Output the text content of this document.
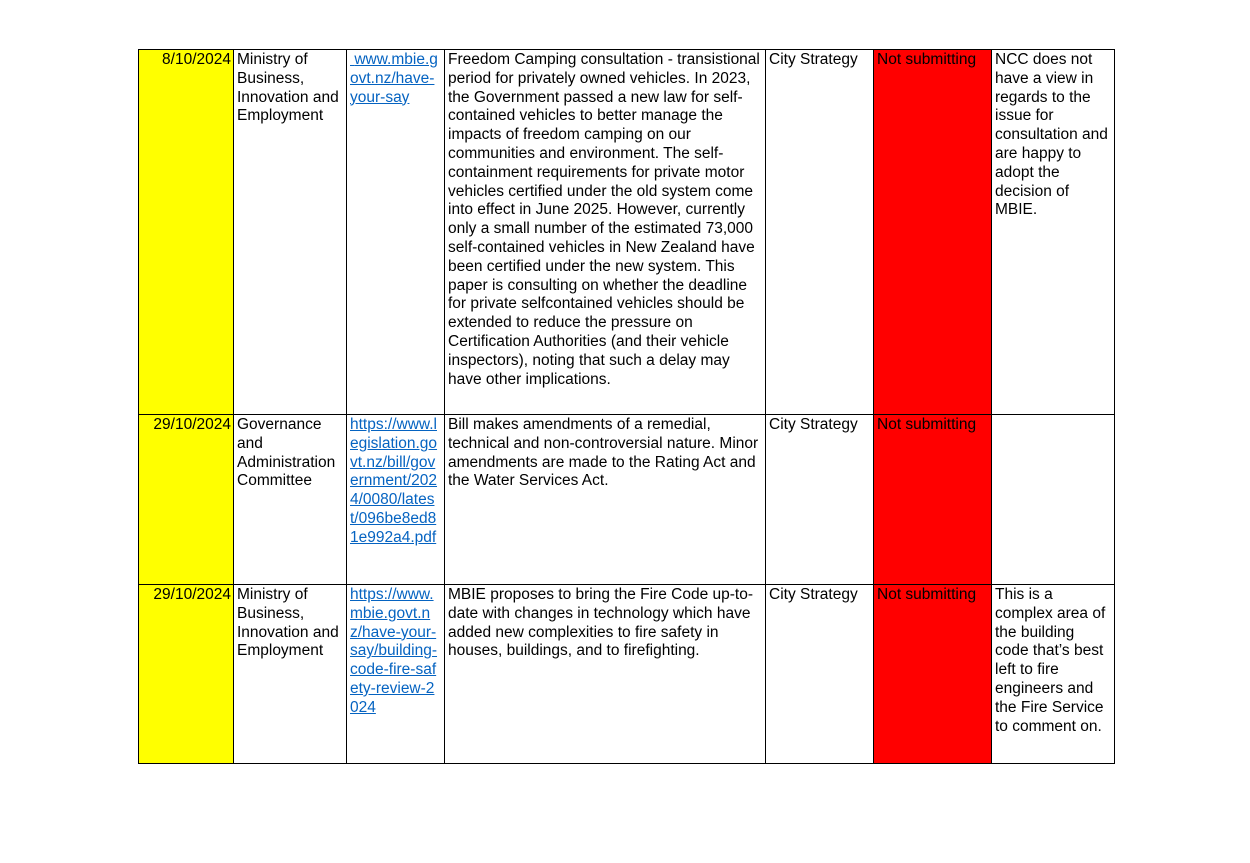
8/10/2024	Ministry of Business, Innovation and Employment	www.mbie.govt.nz/have-your-say	Freedom Camping consultation - transistional period for privately owned vehicles. In 2023, the Government passed a new law for self-contained vehicles to better manage the impacts of freedom camping on our communities and environment. The self-containment requirements for private motor vehicles certified under the old system come into effect in June 2025. However, currently only a small number of the estimated 73,000 self-contained vehicles in New Zealand have been certified under the new system. This paper is consulting on whether the deadline for private selfcontained vehicles should be extended to reduce the pressure on Certification Authorities (and their vehicle inspectors), noting that such a delay may have other implications.	City Strategy	Not submitting	NCC does not have a view in regards to the issue for consultation and are happy to adopt the decision of MBIE.
29/10/2024	Governance and Administration Committee	https://www.legislation.govt.nz/bill/government/2024/0080/latest/096be8ed81e992a4.pdf	Bill makes amendments of a remedial, technical and non-controversial nature. Minor amendments are made to the Rating Act and the Water Services Act.	City Strategy	Not submitting	
29/10/2024	Ministry of Business, Innovation and Employment	https://www.mbie.govt.nz/have-your-say/building-code-fire-safety-review-2024	MBIE proposes to bring the Fire Code up-to-date with changes in technology which have added new complexities to fire safety in houses, buildings, and to firefighting.	City Strategy	Not submitting	This is a complex area of the building code that’s best left to fire engineers and the Fire Service to comment on.
